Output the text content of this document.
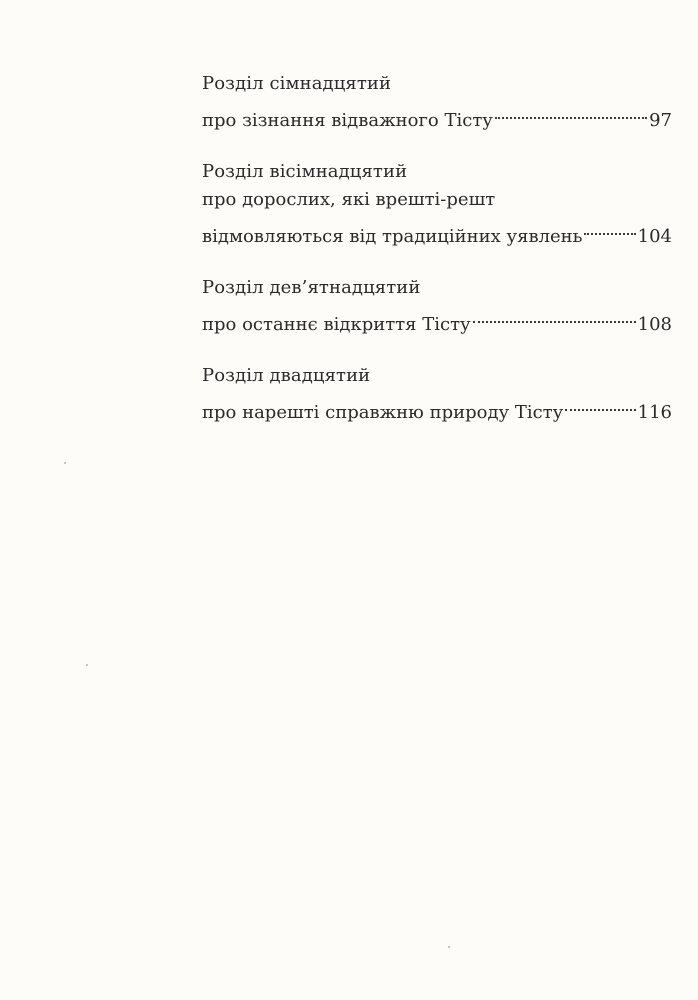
Розділ сімнадцятий
про зізнання відважного Тісту	97
Розділ вісімнадцятий
про дорослих, які врешті-решт
відмовляються від традиційних уявлень	104
Розділ дев’ятнадцятий
про останнє відкриття Тісту	108
Розділ двадцятий
про нарешті справжню природу Тісту	116
